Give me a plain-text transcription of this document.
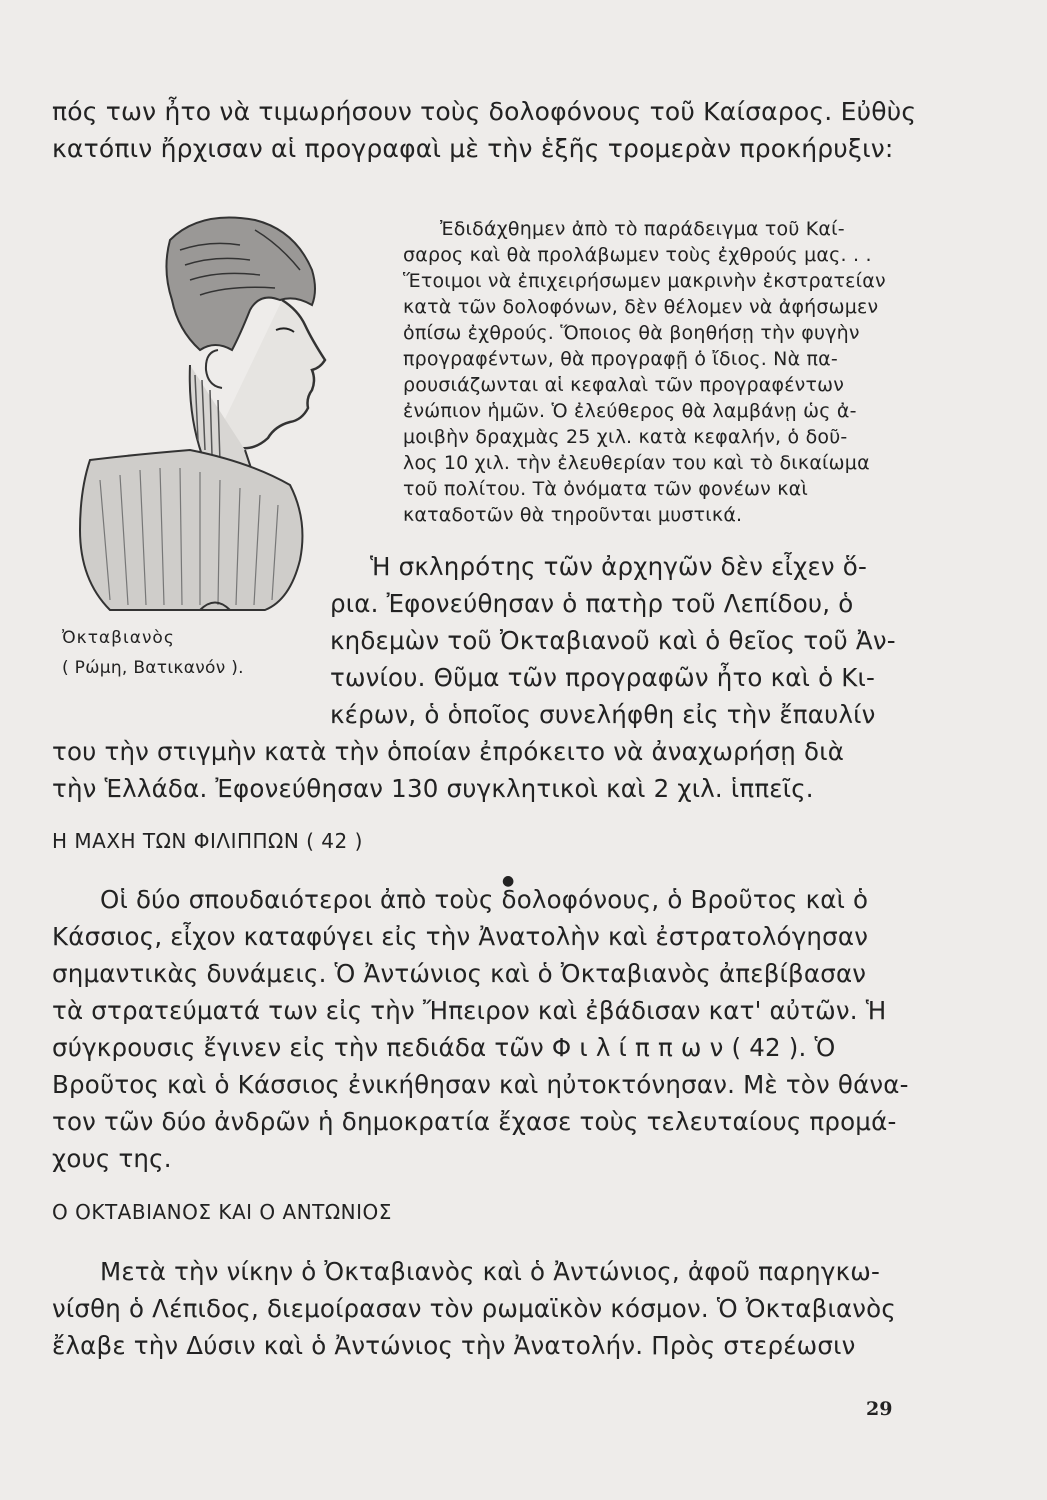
πός των ἦτο νὰ τιμωρήσουν τοὺς δολοφόνους τοῦ Καίσαρος. Εὐθὺς
κατόπιν ἤρχισαν αἱ προγραφαὶ μὲ τὴν ἑξῆς τρομερὰν προκήρυξιν:
Ὀκταβιανὸς
( Ρώμη, Βατικανόν ).
Ἐδιδάχθημεν ἀπὸ τὸ παράδειγμα τοῦ Καί-
σαρος καὶ θὰ προλάβωμεν τοὺς ἐχθρούς μας. . .
Ἕτοιμοι νὰ ἐπιχειρήσωμεν μακρινὴν ἐκστρατείαν
κατὰ τῶν δολοφόνων, δὲν θέλομεν νὰ ἀφήσωμεν
ὀπίσω ἐχθρούς. Ὅποιος θὰ βοηθήσῃ τὴν φυγὴν
προγραφέντων, θὰ προγραφῇ ὁ ἴδιος. Νὰ πα-
ρουσιάζωνται αἱ κεφαλαὶ τῶν προγραφέντων
ἐνώπιον ἡμῶν. Ὁ ἐλεύθερος θὰ λαμβάνῃ ὡς ἀ-
μοιβὴν δραχμὰς 25 χιλ. κατὰ κεφαλήν, ὁ δοῦ-
λος 10 χιλ. τὴν ἐλευθερίαν του καὶ τὸ δικαίωμα
τοῦ πολίτου. Τὰ ὀνόματα τῶν φονέων καὶ
καταδοτῶν θὰ τηροῦνται μυστικά.
Ἡ σκληρότης τῶν ἀρχηγῶν δὲν εἶχεν ὅ-
ρια. Ἐφονεύθησαν ὁ πατὴρ τοῦ Λεπίδου, ὁ
κηδεμὼν τοῦ Ὀκταβιανοῦ καὶ ὁ θεῖος τοῦ Ἀν-
τωνίου. Θῦμα τῶν προγραφῶν ἦτο καὶ ὁ Κι-
κέρων, ὁ ὁποῖος συνελήφθη εἰς τὴν ἔπαυλίν
του τὴν στιγμὴν κατὰ τὴν ὁποίαν ἐπρόκειτο νὰ ἀναχωρήσῃ διὰ
τὴν Ἑλλάδα. Ἐφονεύθησαν 130 συγκλητικοὶ καὶ 2 χιλ. ἱππεῖς.
Η ΜΑΧΗ ΤΩΝ ΦΙΛΙΠΠΩΝ ( 42 )
●
Οἱ δύο σπουδαιότεροι ἀπὸ τοὺς δολοφόνους, ὁ Βροῦτος καὶ ὁ
Κάσσιος, εἶχον καταφύγει εἰς τὴν Ἀνατολὴν καὶ ἐστρατολόγησαν
σημαντικὰς δυνάμεις. Ὁ Ἀντώνιος καὶ ὁ Ὀκταβιανὸς ἀπεβίβασαν
τὰ στρατεύματά των εἰς τὴν Ἤπειρον καὶ ἐβάδισαν κατ' αὐτῶν. Ἡ
σύγκρουσις ἔγινεν εἰς τὴν πεδιάδα τῶν Φ ι λ ί π π ω ν ( 42 ). Ὁ
Βροῦτος καὶ ὁ Κάσσιος ἐνικήθησαν καὶ ηὐτοκτόνησαν. Μὲ τὸν θάνα-
τον τῶν δύο ἀνδρῶν ἡ δημοκρατία ἔχασε τοὺς τελευταίους προμά-
χους της.
Ο ΟΚΤΑΒΙΑΝΟΣ ΚΑΙ Ο ΑΝΤΩΝΙΟΣ
Μετὰ τὴν νίκην ὁ Ὀκταβιανὸς καὶ ὁ Ἀντώνιος, ἀφοῦ παρηγκω-
νίσθη ὁ Λέπιδος, διεμοίρασαν τὸν ρωμαϊκὸν κόσμον. Ὁ Ὀκταβιανὸς
ἔλαβε τὴν Δύσιν καὶ ὁ Ἀντώνιος τὴν Ἀνατολήν. Πρὸς στερέωσιν
29
